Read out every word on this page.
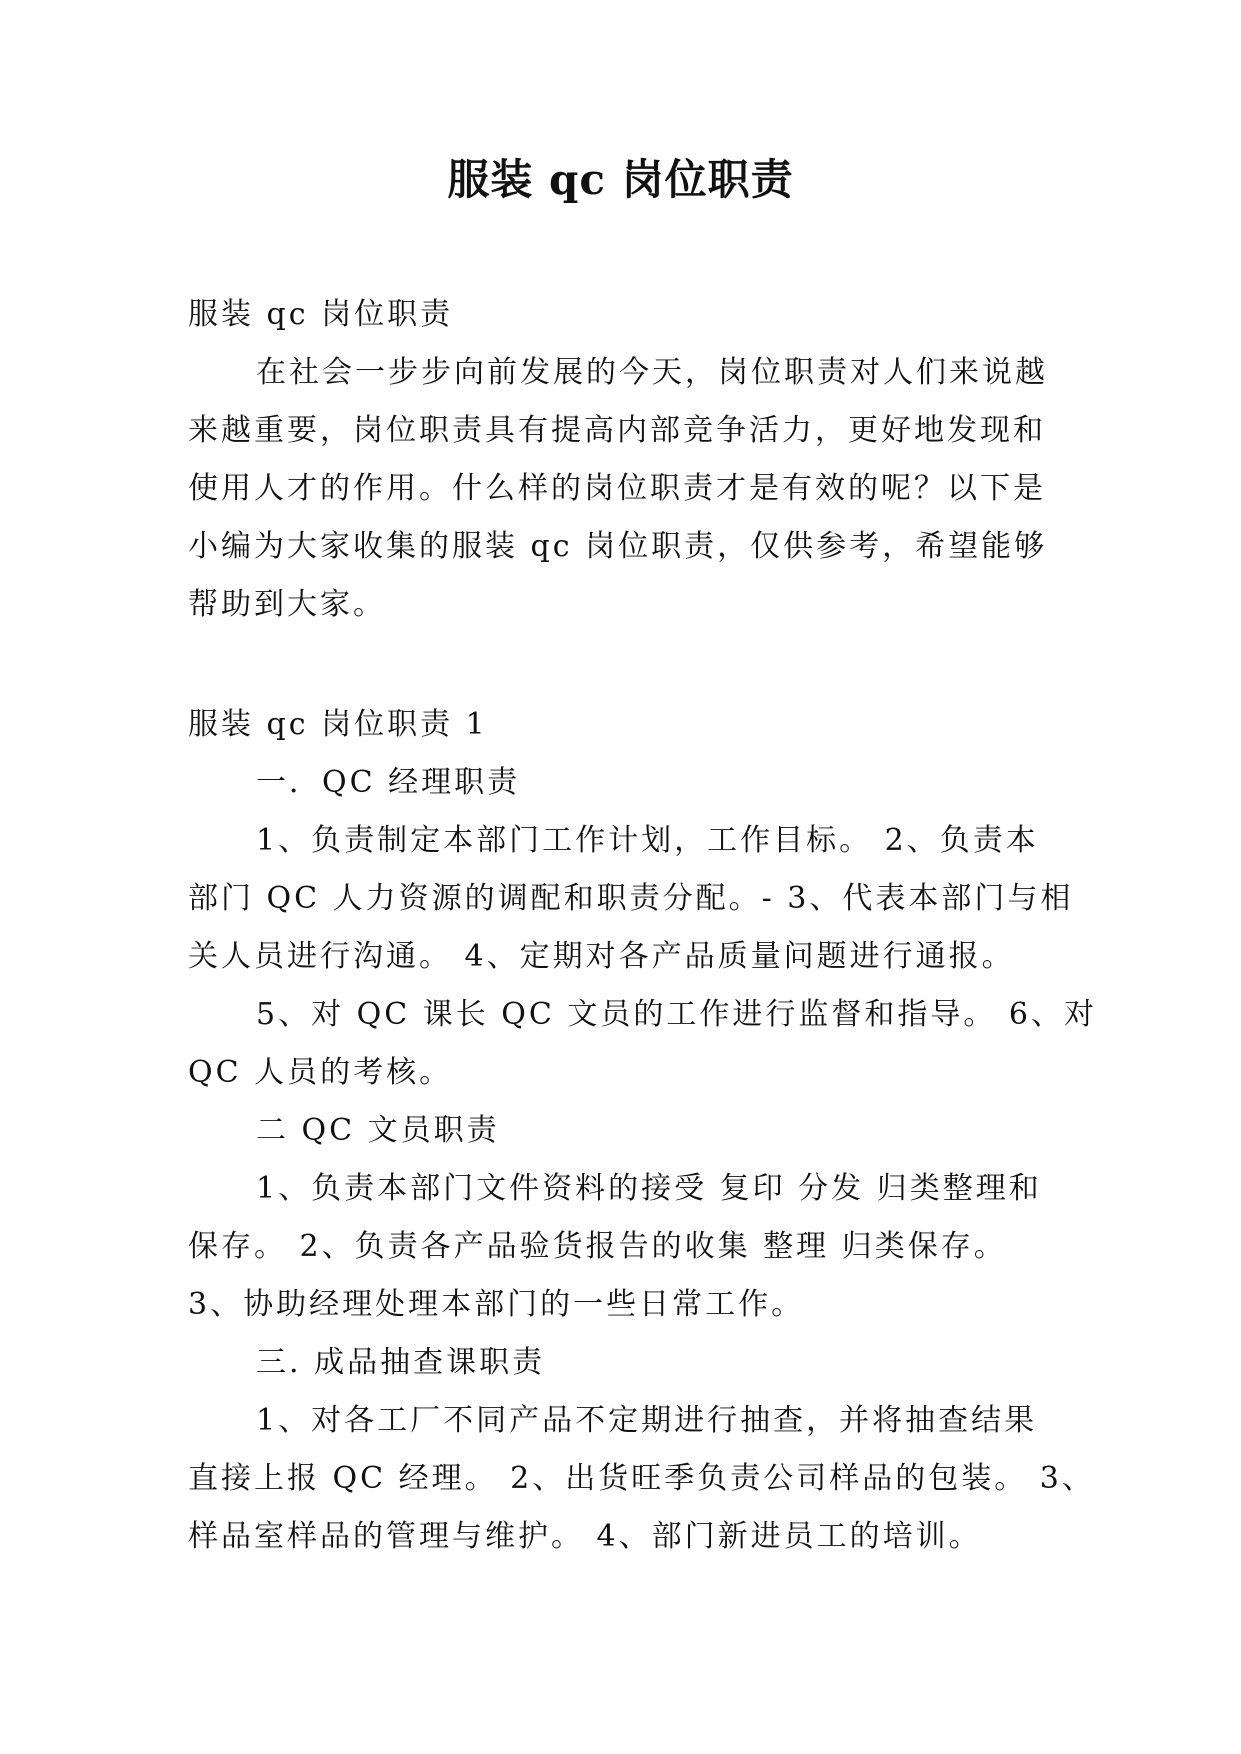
服装 qc 岗位职责
服装 qc 岗位职责
在社会一步步向前发展的今天，岗位职责对人们来说越
来越重要，岗位职责具有提高内部竞争活力，更好地发现和
使用人才的作用。什么样的岗位职责才是有效的呢？以下是
小编为大家收集的服装 qc 岗位职责，仅供参考，希望能够
帮助到大家。
服装 qc 岗位职责 1
一．QC 经理职责
1、负责制定本部门工作计划，工作目标。 2、负责本
部门 QC 人力资源的调配和职责分配。- 3、代表本部门与相
关人员进行沟通。 4、定期对各产品质量问题进行通报。
5、对 QC 课长 QC 文员的工作进行监督和指导。 6、对
QC 人员的考核。
二 QC 文员职责
1、负责本部门文件资料的接受 复印 分发 归类整理和
保存。 2、负责各产品验货报告的收集 整理 归类保存。
3、协助经理处理本部门的一些日常工作。
三. 成品抽查课职责
1、对各工厂不同产品不定期进行抽查，并将抽查结果
直接上报 QC 经理。 2、出货旺季负责公司样品的包装。 3、
样品室样品的管理与维护。 4、部门新进员工的培训。
